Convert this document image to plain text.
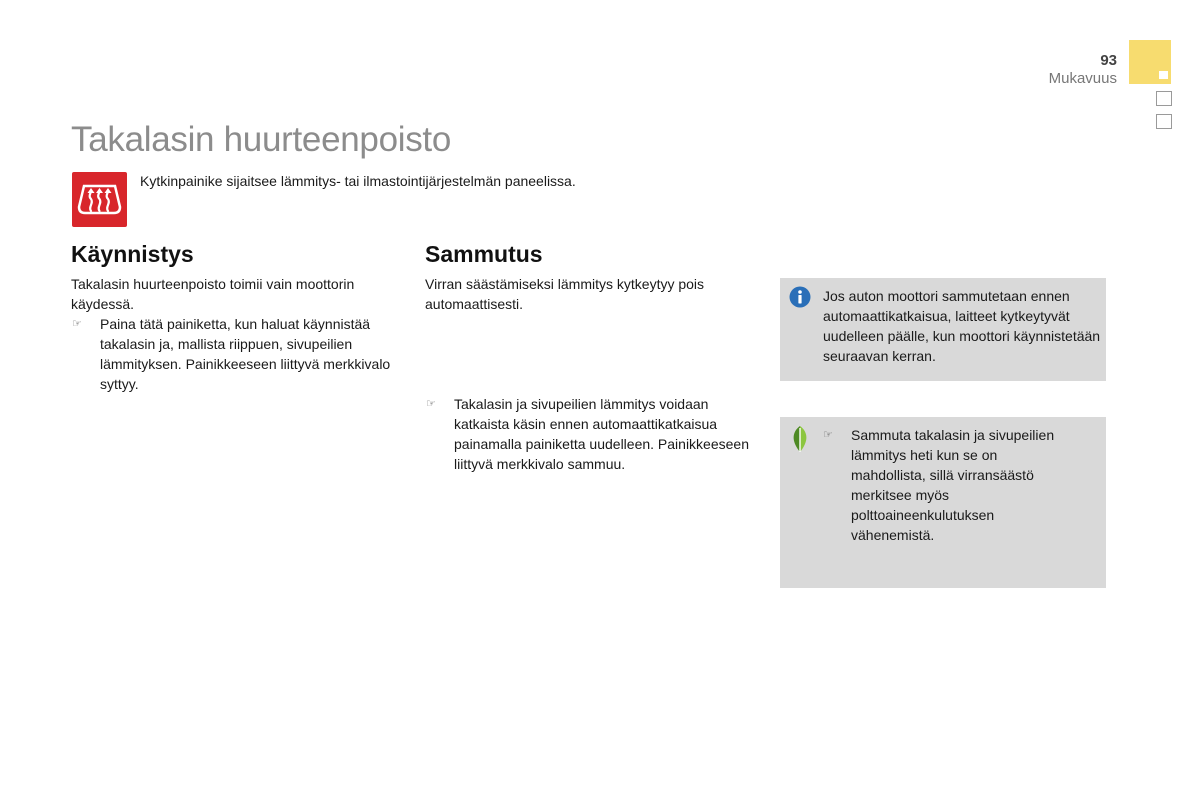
93
Mukavuus
Takalasin huurteenpoisto
Kytkinpainike sijaitsee lämmitys- tai ilmastointijärjestelmän paneelissa.
Käynnistys
Takalasin huurteenpoisto toimii vain moottorin käydessä.
☞ Paina tätä painiketta, kun haluat käynnistää takalasin ja, mallista riippuen, sivupeilien lämmityksen. Painikkeeseen liittyvä merkkivalo syttyy.
Sammutus
Virran säästämiseksi lämmitys kytkeytyy pois automaattisesti.
☞ Takalasin ja sivupeilien lämmitys voidaan katkaista käsin ennen automaattikatkaisua painamalla painiketta uudelleen. Painikkeeseen liittyvä merkkivalo sammuu.
Jos auton moottori sammutetaan ennen automaattikatkaisua, laitteet kytkeytyvät uudelleen päälle, kun moottori käynnistetään seuraavan kerran.
☞ Sammuta takalasin ja sivupeilien lämmitys heti kun se on mahdollista, sillä virransäästö merkitsee myös polttoaineenkulutuksen vähenemistä.
